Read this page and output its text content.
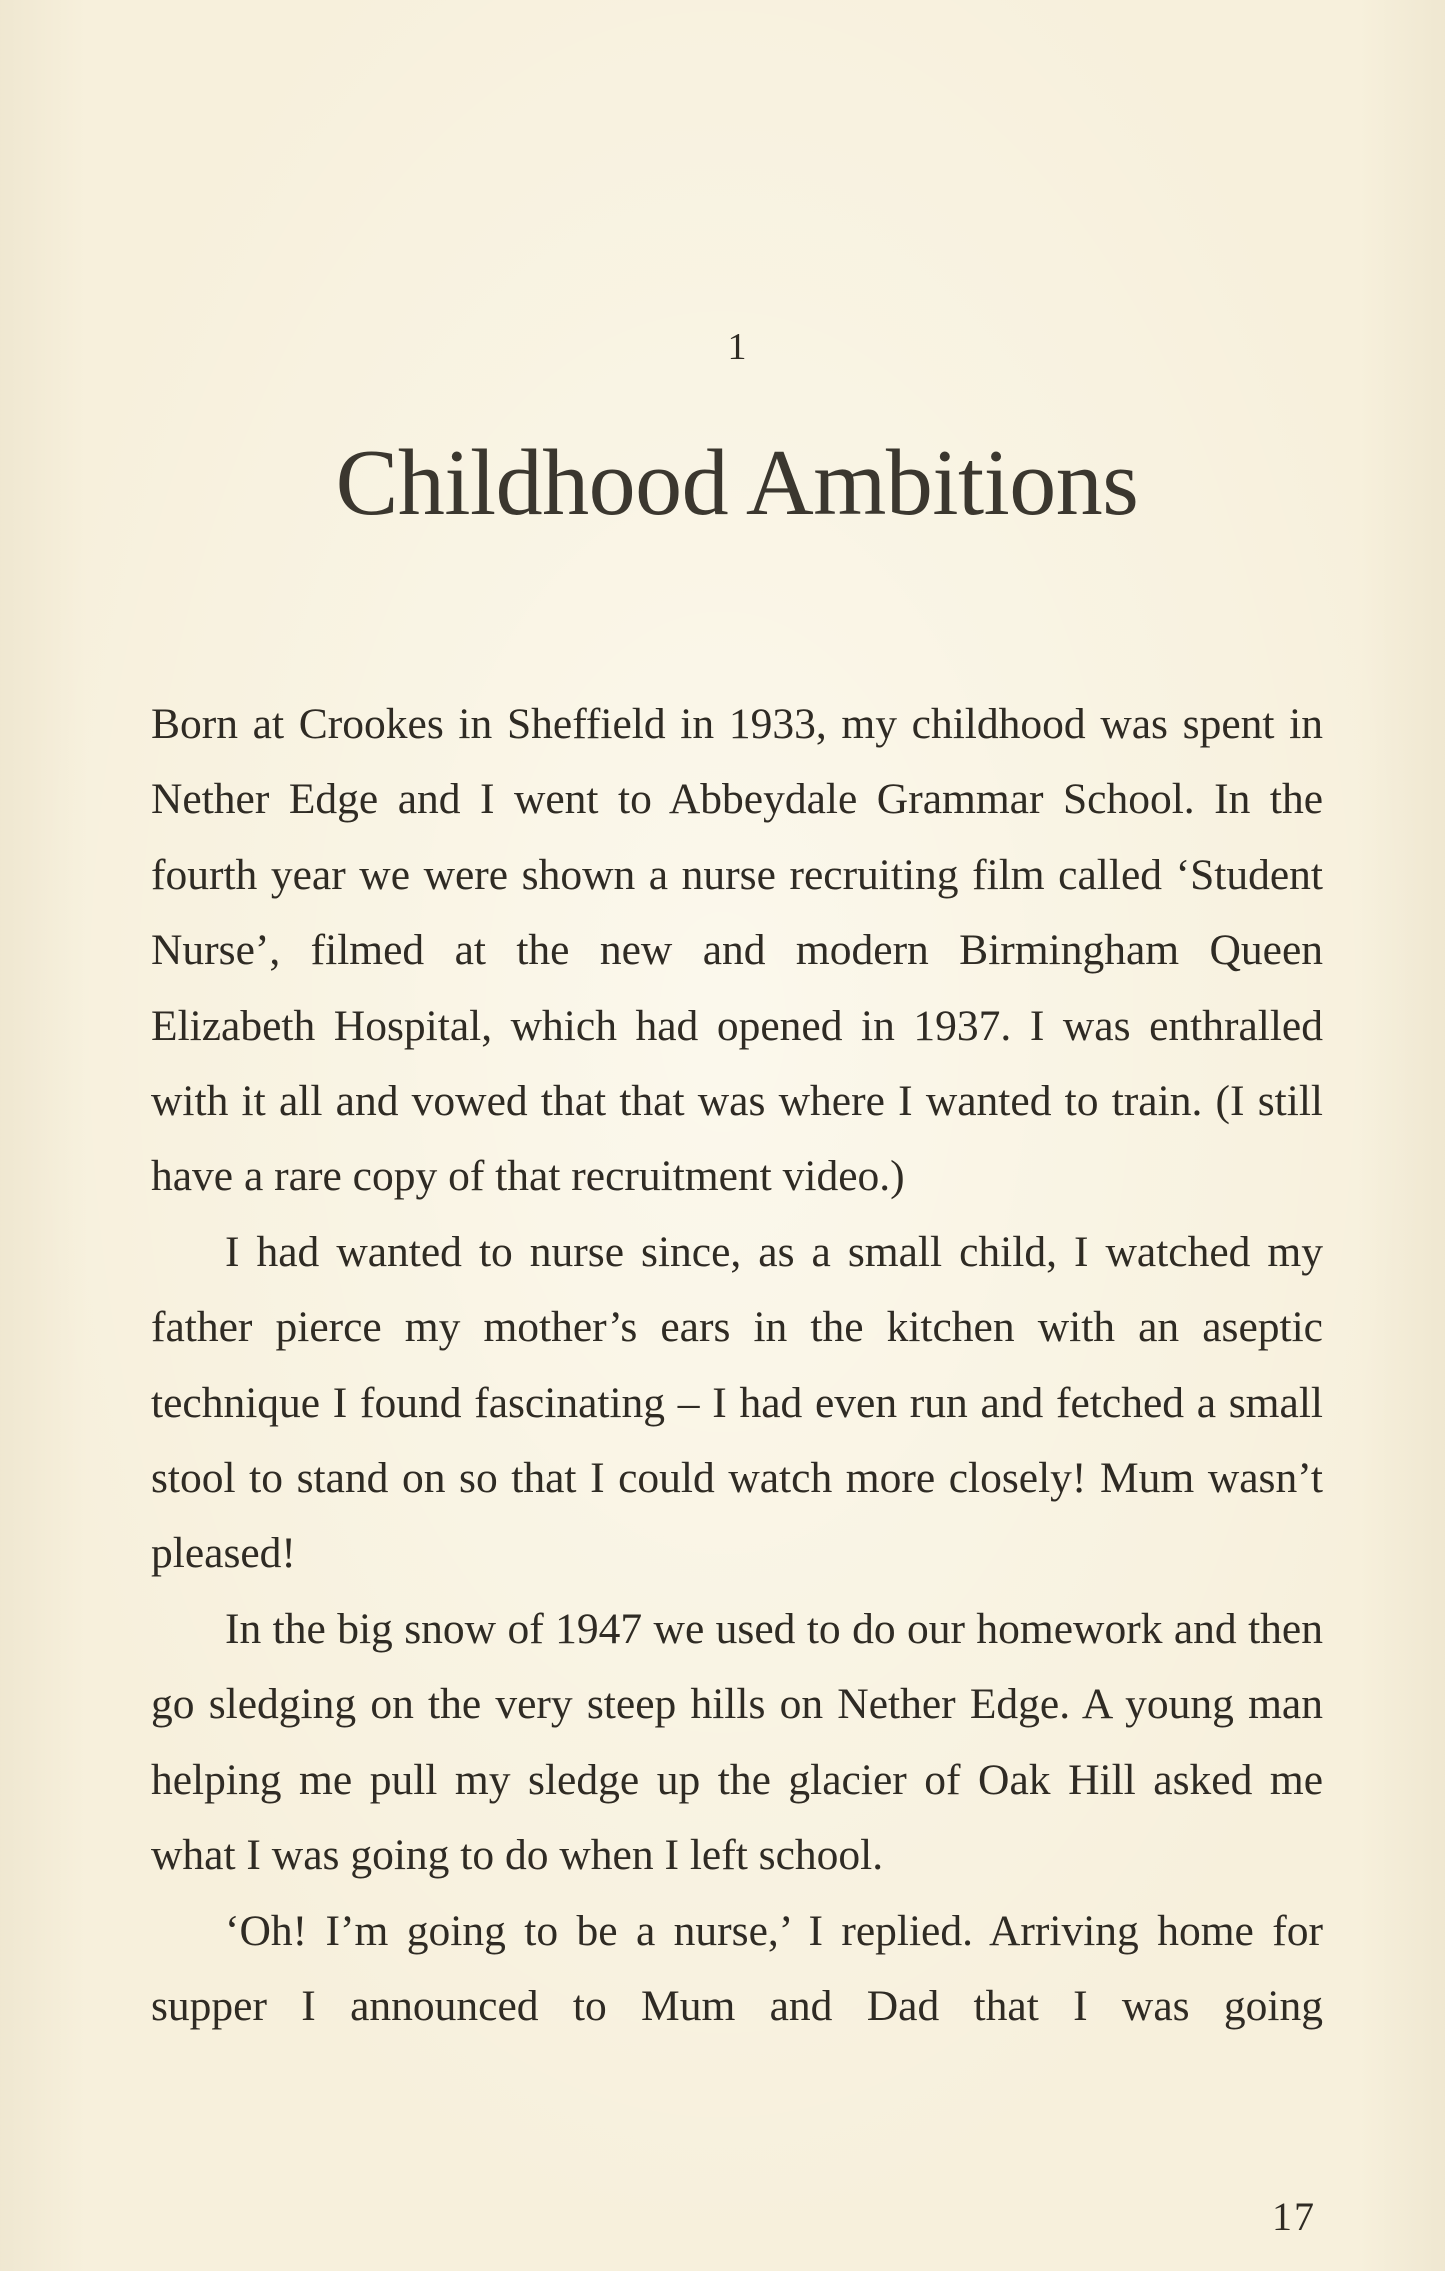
1
Childhood Ambitions

Born at Crookes in Sheffield in 1933, my childhood was spent in Nether Edge and I went to Abbeydale Grammar School. In the fourth year we were shown a nurse recruiting film called ‘Student Nurse’, filmed at the new and modern Birmingham Queen Elizabeth Hospital, which had opened in 1937. I was enthralled with it all and vowed that that was where I wanted to train. (I still have a rare copy of that recruitment video.)

I had wanted to nurse since, as a small child, I watched my father pierce my mother’s ears in the kitchen with an aseptic technique I found fascinating – I had even run and fetched a small stool to stand on so that I could watch more closely! Mum wasn’t pleased!

In the big snow of 1947 we used to do our homework and then go sledging on the very steep hills on Nether Edge. A young man helping me pull my sledge up the glacier of Oak Hill asked me what I was going to do when I left school.

‘Oh! I’m going to be a nurse,’ I replied. Arriving home for supper I announced to Mum and Dad that I was going

17
